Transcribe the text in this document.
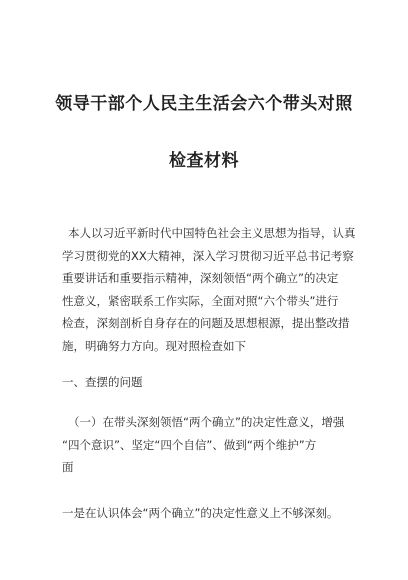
领导干部个人民主生活会六个带头对照
检查材料
本人以习近平新时代中国特色社会主义思想为指导，认真
学习贯彻党的XX大精神，深入学习贯彻习近平总书记考察
重要讲话和重要指示精神，深刻领悟“两个确立”的决定
性意义，紧密联系工作实际，全面对照“六个带头”进行
检查，深刻剖析自身存在的问题及思想根源，提出整改措
施，明确努力方向。现对照检查如下
一、查摆的问题
（一）在带头深刻领悟“两个确立”的决定性意义，增强
“四个意识”、坚定“四个自信”、做到“两个维护”方
面
一是在认识体会“两个确立”的决定性意义上不够深刻。
